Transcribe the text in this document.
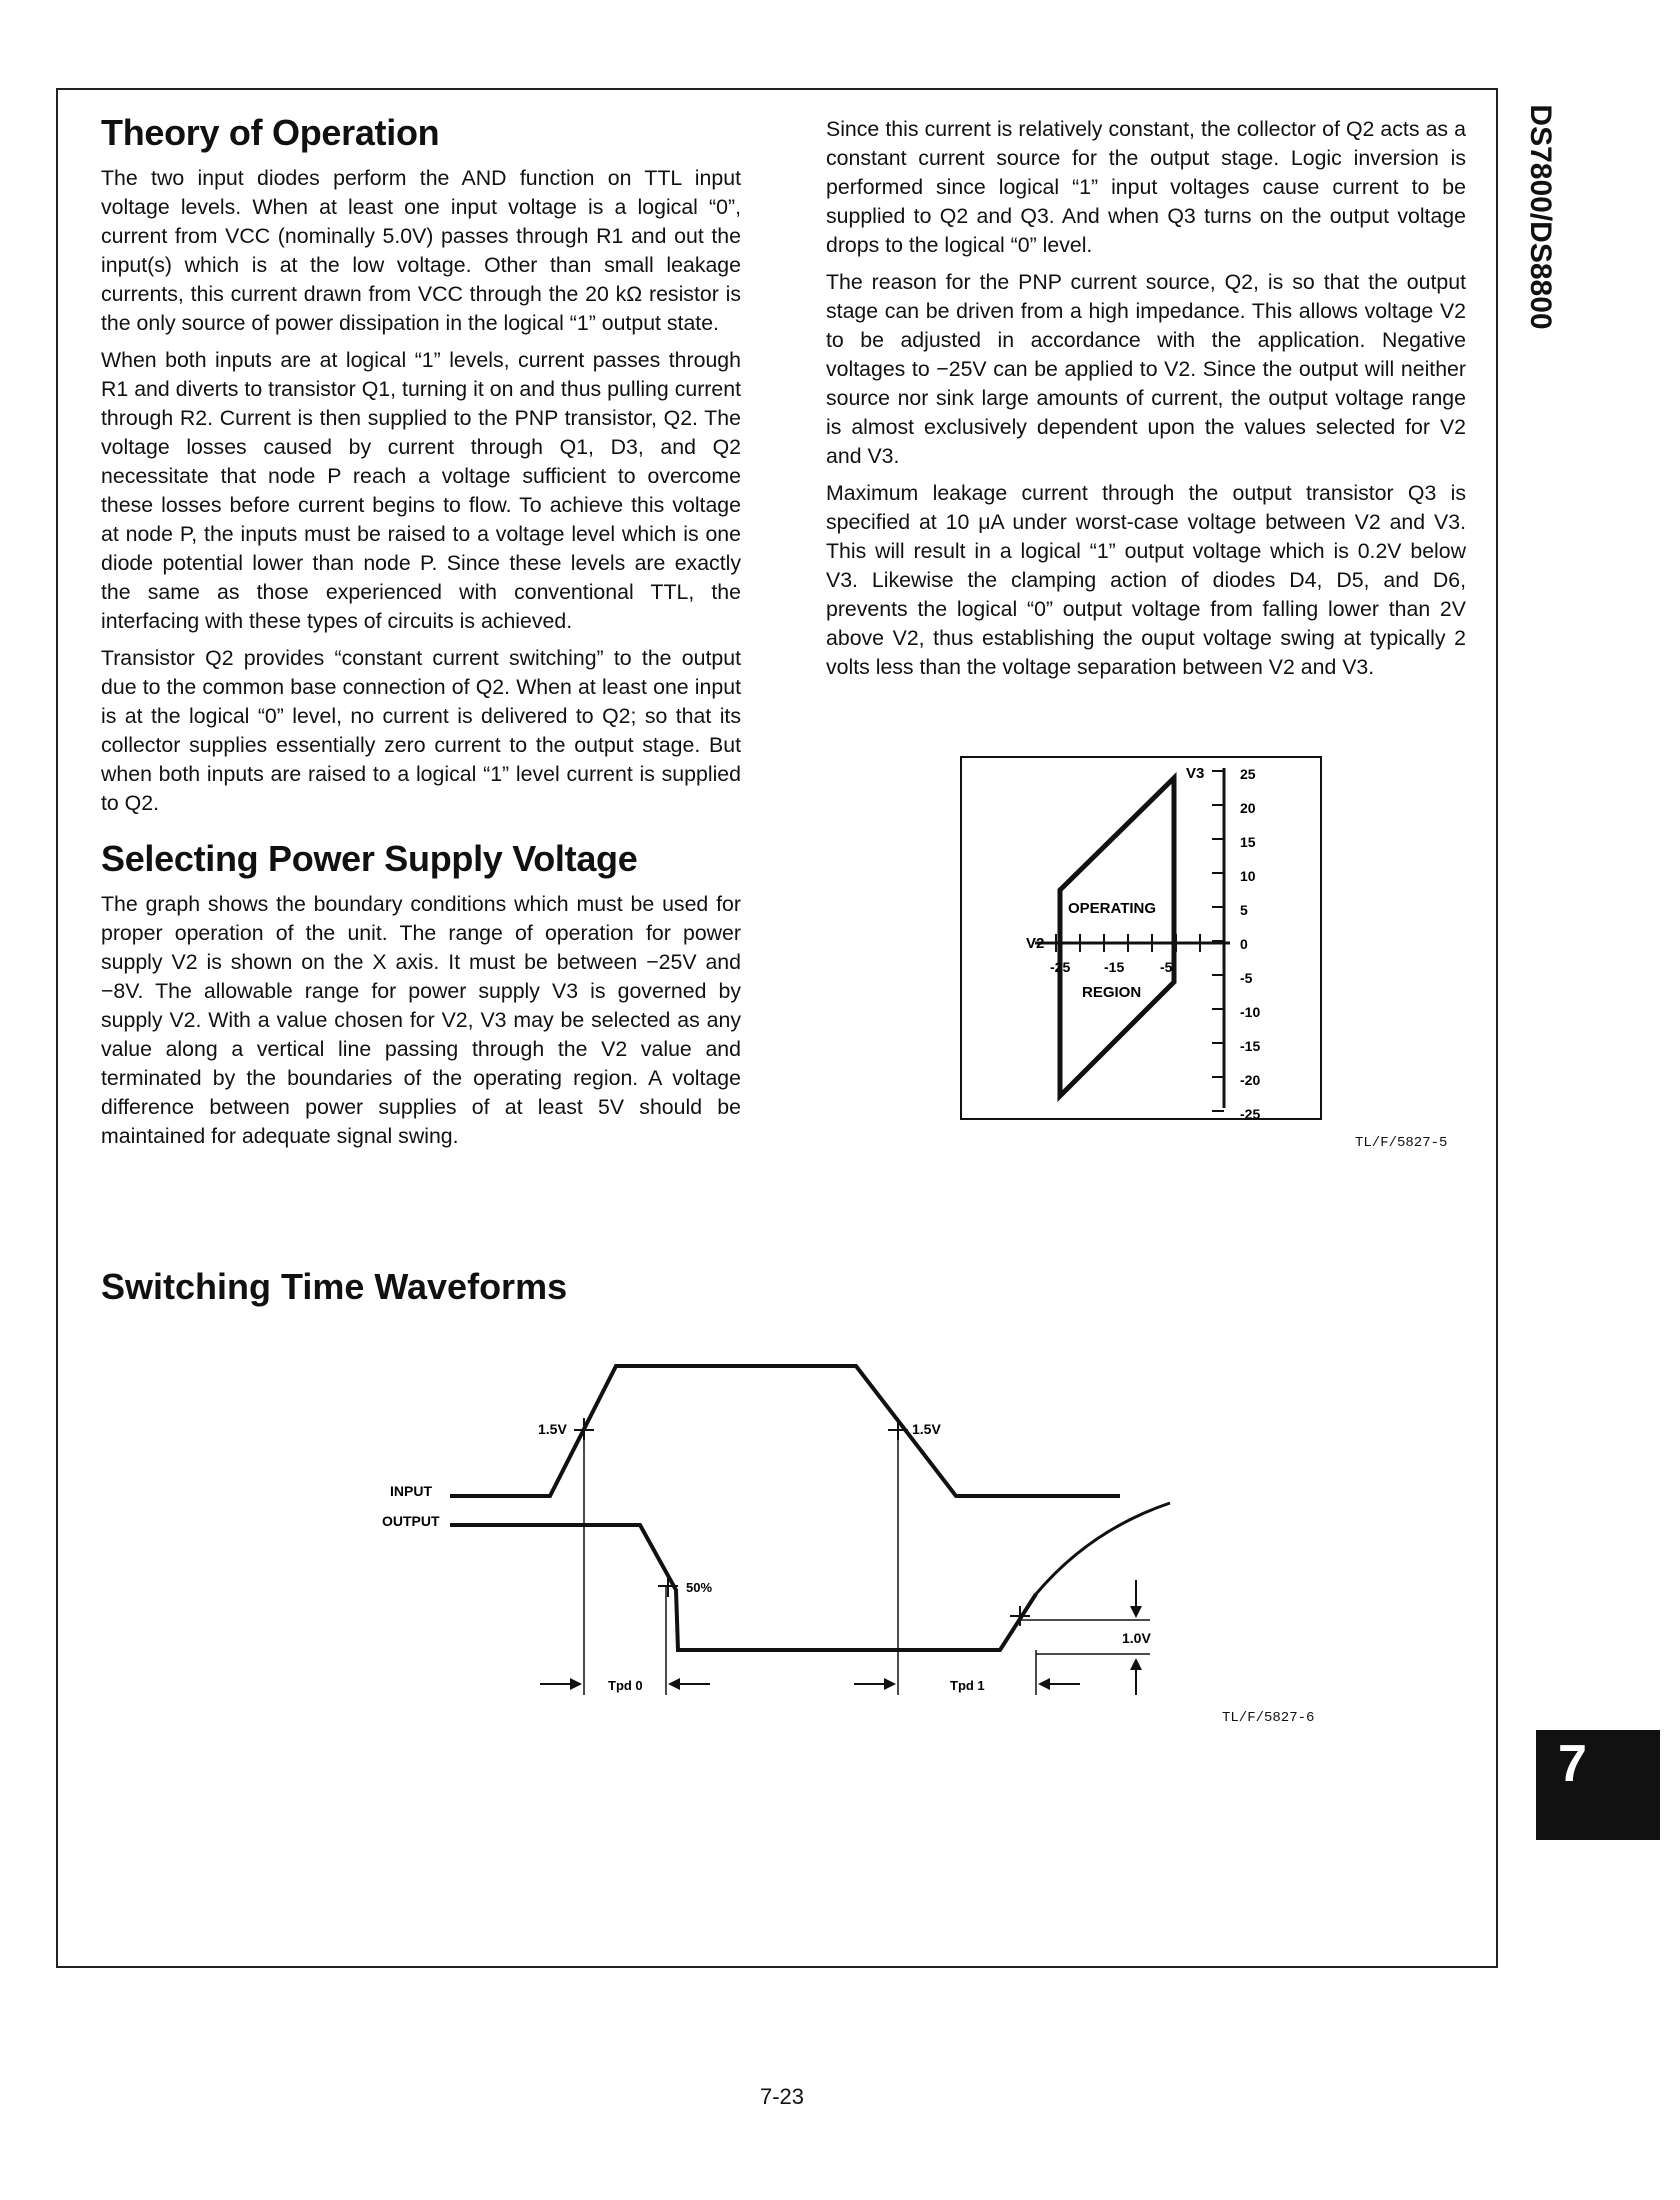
DS7800/DS8800
Theory of Operation

The two input diodes perform the AND function on TTL input voltage levels. When at least one input voltage is a logical “0”, current from VCC (nominally 5.0V) passes through R1 and out the input(s) which is at the low voltage. Other than small leakage currents, this current drawn from VCC through the 20 kΩ resistor is the only source of power dissipation in the logical “1” output state.

When both inputs are at logical “1” levels, current passes through R1 and diverts to transistor Q1, turning it on and thus pulling current through R2. Current is then supplied to the PNP transistor, Q2. The voltage losses caused by current through Q1, D3, and Q2 necessitate that node P reach a voltage sufficient to overcome these losses before current begins to flow. To achieve this voltage at node P, the inputs must be raised to a voltage level which is one diode potential lower than node P. Since these levels are exactly the same as those experienced with conventional TTL, the interfacing with these types of circuits is achieved.

Transistor Q2 provides “constant current switching” to the output due to the common base connection of Q2. When at least one input is at the logical “0” level, no current is delivered to Q2; so that its collector supplies essentially zero current to the output stage. But when both inputs are raised to a logical “1” level current is supplied to Q2.

Selecting Power Supply Voltage

The graph shows the boundary conditions which must be used for proper operation of the unit. The range of operation for power supply V2 is shown on the X axis. It must be between −25V and −8V. The allowable range for power supply V3 is governed by supply V2. With a value chosen for V2, V3 may be selected as any value along a vertical line passing through the V2 value and terminated by the boundaries of the operating region. A voltage difference between power supplies of at least 5V should be maintained for adequate signal swing.

Since this current is relatively constant, the collector of Q2 acts as a constant current source for the output stage. Logic inversion is performed since logical “1” input voltages cause current to be supplied to Q2 and Q3. And when Q3 turns on the output voltage drops to the logical “0” level.

The reason for the PNP current source, Q2, is so that the output stage can be driven from a high impedance. This allows voltage V2 to be adjusted in accordance with the application. Negative voltages to −25V can be applied to V2. Since the output will neither source nor sink large amounts of current, the output voltage range is almost exclusively dependent upon the values selected for V2 and V3.

Maximum leakage current through the output transistor Q3 is specified at 10 μA under worst-case voltage between V2 and V3. This will result in a logical “1” output voltage which is 0.2V below V3. Likewise the clamping action of diodes D4, D5, and D6, prevents the logical “0” output voltage from falling lower than 2V above V2, thus establishing the ouput voltage swing at typically 2 volts less than the voltage separation between V2 and V3.

V3
V2
OPERATING
REGION
-25 -15	-5
25
20
15
10
5
0
-5
-10
-15
-20
-25
TL/F/5827-5
Switching Time Waveforms
INPUT
OUTPUT
1.5V	1.5V
50%
1.0V
Tpd 0	Tpd 1
TL/F/5827-6
7-23
7
